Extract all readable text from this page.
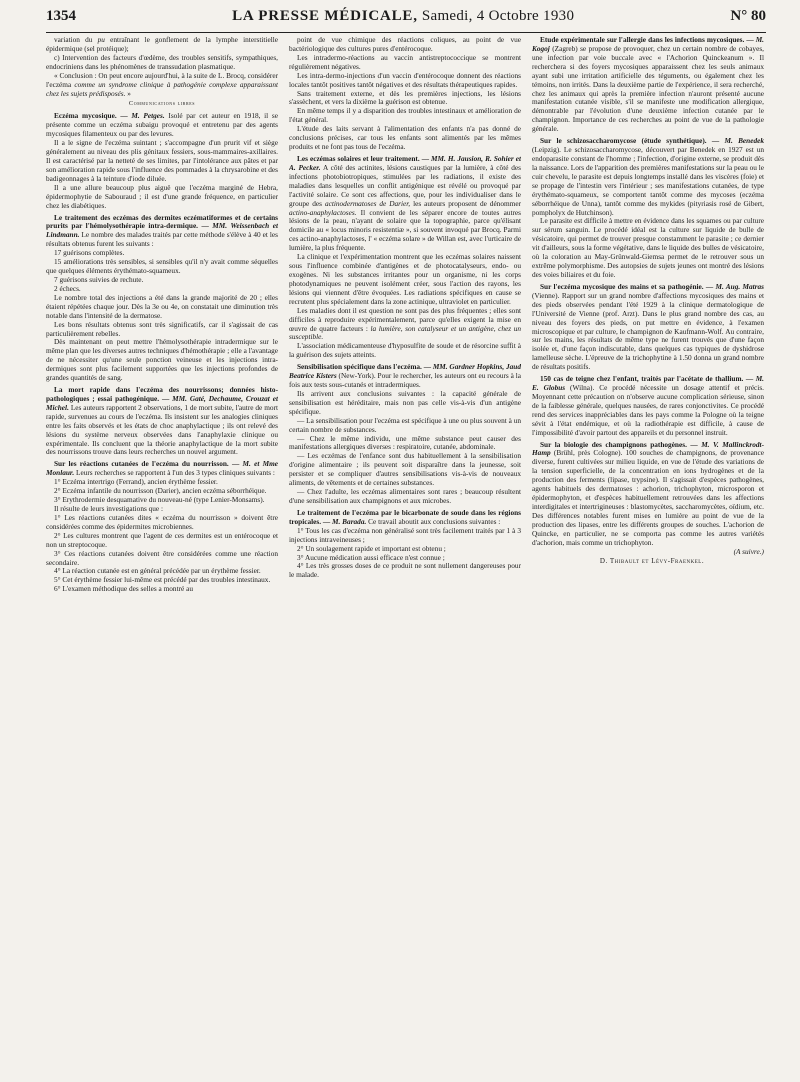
1354	LA PRESSE MÉDICALE, Samedi, 4 Octobre 1930	N° 80

variation du pu entraînant le gonflement de la lymphe interstitielle épidermique (sel protéique);

c) Intervention des facteurs d'œdème, des troubles sensitifs, sympathiques, endocriniens dans les phénomènes de transsudation plasmatique.

« Conclusion : On peut encore aujourd'hui, à la suite de L. Brocq, considérer l'eczéma comme un syndrome clinique à pathogénie complexe apparaissant chez les sujets prédisposés. »

Communications libres

Eczéma mycosique. — M. Petges. Isolé par cet auteur en 1918, il se présente comme un eczéma subaigu provoqué et entretenu par des agents mycosiques filamenteux ou par des levures.

Il a le signe de l'eczéma suintant ; s'accompagne d'un prurit vif et siège généralement au niveau des plis génitaux fessiers, sous-mammaires-axillaires. Il est caractérisé par la netteté de ses limites, par l'intolérance aux pâtes et par son amélioration rapide sous l'influence des pommades à la chrysarobine et des badigeonnages à la teinture d'iode diluée.

Il a une allure beaucoup plus aiguë que l'eczéma marginé de Hebra, épidermophytie de Sabouraud ; il est d'une grande fréquence, en particulier chez les diabétiques.

Le traitement des eczémas des dermites eczématiformes et de certains prurits par l'hémolysothérapie intra-dermique. — MM. Weissenbach et Lindmann. Le nombre des malades traités par cette méthode s'élève à 40 et les résultats obtenus furent les suivants :

17 guérisons complètes.

15 améliorations très sensibles, si sensibles qu'il n'y avait comme séquelles que quelques éléments érythémato-squameux.

7 guérisons suivies de rechute.

2 échecs.

Le nombre total des injections a été dans la grande majorité de 20 ; elles étaient répétées chaque jour. Dès la 3e ou 4e, on constatait une diminution très notable dans l'intensité de la dermatose.

Les bons résultats obtenus sont très significatifs, car il s'agissait de cas particulièrement rebelles.

Dès maintenant on peut mettre l'hémolysothérapie intradermique sur le même plan que les diverses autres techniques d'hémothérapie ; elle a l'avantage de ne nécessiter qu'une seule ponction veineuse et les injections intra-dermiques sont plus facilement supportées que les injections profondes de grandes quantités de sang.

La mort rapide dans l'eczéma des nourrissons; données histo-pathologiques ; essai pathogénique. — MM. Gaté, Dechaume, Crouzat et Michel. Les auteurs rapportent 2 observations, 1 de mort subite, l'autre de mort rapide, survenues au cours de l'eczéma. Ils insistent sur les analogies cliniques entre les faits observés et les états de choc anaphylactique ; ils ont relevé des lésions du système nerveux observées dans l'anaphylaxie clinique ou expérimentale. Ils concluent que la théorie anaphylactique de la mort subite des nourrissons trouve dans leurs recherches un nouvel argument.

Sur les réactions cutanées de l'eczéma du nourrisson. — M. et Mme Monlaur. Leurs recherches se rapportent à l'un des 3 types cliniques suivants :

1° Eczéma intertrigo (Ferrand), ancien érythème fessier.

2° Eczéma infantile du nourrisson (Darier), ancien eczéma séborrhéique.

3° Erythrodermie desquamative du nouveau-né (type Lenier-Monsams).

Il résulte de leurs investigations que :

1° Les réactions cutanées dites « eczéma du nourrisson » doivent être considérées comme des épidermites microbiennes.

2° Les cultures montrent que l'agent de ces dermites est un entérocoque et non un streptocoque.

3° Ces réactions cutanées doivent être considérées comme une réaction secondaire.

4° La réaction cutanée est en général précédée par un érythème fessier.

5° Cet érythème fessier lui-même est précédé par des troubles intestinaux.

6° L'examen méthodique des selles a montré au

point de vue chimique des réactions coliques, au point de vue bactériologique des cultures pures d'entérocoque.

Les intradermo-réactions au vaccin antistreptococcique se montrent régulièrement négatives.

Les intra-dermo-injections d'un vaccin d'entérocoque donnent des réactions locales tantôt positives tantôt négatives et des résultats thérapeutiques rapides.

Sans traitement externe, et dès les premières injections, les lésions s'assèchent, et vers la dixième la guérison est obtenue.

En même temps il y a disparition des troubles intestinaux et amélioration de l'état général.

L'étude des laits servant à l'alimentation des enfants n'a pas donné de conclusions précises, car tous les enfants sont alimentés par les mêmes produits et ne font pas tous de l'eczéma.

Les eczémas solaires et leur traitement. — MM. H. Jausion, R. Sohier et A. Pecker. A côté des actinites, lésions caustiques par la lumière, à côté des infections photobiotropiques, stimulées par les radiations, il existe des maladies dans lesquelles un conflit antigénique est révélé ou provoqué par l'activité solaire. Ce sont ces affections, que, pour les individualiser dans le groupe des actinodermatoses de Darier, les auteurs proposent de dénommer actino-anaphylactoses. Il convient de les séparer encore de toutes autres lésions de la peau, n'ayant de solaire que la topographie, parce qu'élisant domicile au « locus minoris resistentiæ », si souvent invoqué par Brocq. Parmi ces actino-anaphylactoses, l' « eczéma solare » de Willan est, avec l'urticaire de lumière, la plus fréquente.

La clinique et l'expérimentation montrent que les eczémas solaires naissent sous l'influence combinée d'antigènes et de photocatalyseurs, endo- ou exogènes. Ni les substances irritantes pour un organisme, ni les corps photodynamiques ne peuvent isolément créer, sous l'action des rayons, les lésions qui viennent d'être évoquées. Les radiations spécifiques en cause se recrutent plus spécialement dans la zone actinique, ultraviolet en particulier.

Les maladies dont il est question ne sont pas des plus fréquentes ; elles sont difficiles à reproduire expérimentalement, parce qu'elles exigent la mise en œuvre de quatre facteurs : la lumière, son catalyseur et un antigène, chez un susceptible.

L'association médicamenteuse d'hyposulfite de soude et de résorcine suffit à la guérison des sujets atteints.

Sensibilisation spécifique dans l'eczéma. — MM. Gardner Hopkins, Jaud Beatrice Kisters (New-York). Pour le rechercher, les auteurs ont eu recours à la fois aux tests sous-cutanés et intradermiques.

Ils arrivent aux conclusions suivantes : la capacité générale de sensibilisation est héréditaire, mais non pas celle vis-à-vis d'un antigène spécifique.

— La sensibilisation pour l'eczéma est spécifique à une ou plus souvent à un certain nombre de substances.

— Chez le même individu, une même substance peut causer des manifestations allergiques diverses : respiratoire, cutanée, abdominale.

— Les eczémas de l'enfance sont dus habituellement à la sensibilisation d'origine alimentaire ; ils peuvent soit disparaître dans la jeunesse, soit persister et se compliquer d'autres sensibilisations vis-à-vis de nouveaux aliments, de vêtements et de certaines substances.

— Chez l'adulte, les eczémas alimentaires sont rares ; beaucoup résultent d'une sensibilisation aux champignons et aux microbes.

Le traitement de l'eczéma par le bicarbonate de soude dans les régions tropicales. — M. Barada. Ce travail aboutit aux conclusions suivantes :

1° Tous les cas d'eczéma non généralisé sont très facilement traités par 1 à 3 injections intraveineuses ;

2° Un soulagement rapide et important est obtenu ;

3° Aucune médication aussi efficace n'est connue ;

4° Les très grosses doses de ce produit ne sont nullement dangereuses pour le malade.

Etude expérimentale sur l'allergie dans les infections mycosiques. — M. Kogoj (Zagreb) se propose de provoquer, chez un certain nombre de cobayes, une infection par voie buccale avec « l'Achorion Quinckeanum ». Il recherchera si des foyers mycosiques apparaissent chez les seuls animaux ayant subi une irritation artificielle des téguments, ou également chez les témoins, non irrités. Dans la deuxième partie de l'expérience, il sera recherché, chez les animaux qui après la première infection n'auront présenté aucune manifestation cutanée visible, s'il se manifeste une modification allergique, démontrable par l'évolution d'une deuxième infection cutanée par le champignon. Importance de ces recherches au point de vue de la pathologie générale.

Sur le schizosaccharomycose (étude synthétique). — M. Benedek (Leipzig). Le schizosaccharomycose, découvert par Benedek en 1927 est un endoparasite constant de l'homme ; l'infection, d'origine externe, se produit dès la naissance. Lors de l'apparition des premières manifestations sur la peau ou le cuir chevelu, le parasite est depuis longtemps installé dans les viscères (foie) et se propage de l'intestin vers l'intérieur ; ses manifestations cutanées, de type érythémato-squameux, se comportent tantôt comme des mycoses (eczéma séborrhéique de Unna), tantôt comme des mykides (pityriasis rosé de Gibert, pompholyx de Hutchinson).

Le parasite est difficile à mettre en évidence dans les squames ou par culture sur sérum sanguin. Le procédé idéal est la culture sur liquide de bulle de vésicatoire, qui permet de trouver presque constamment le parasite ; ce dernier vit d'ailleurs, sous la forme végétative, dans le liquide des bulles de vésicatoire, où la coloration au May-Grünwald-Giemsa permet de le retrouver sous un extrême polymorphisme. Des autopsies de sujets jeunes ont montré des lésions des voies biliaires et du foie.

Sur l'eczéma mycosique des mains et sa pathogénie. — M. Aug. Matras (Vienne). Rapport sur un grand nombre d'affections mycosiques des mains et des pieds observées pendant l'été 1929 à la clinique dermatologique de l'Université de Vienne (prof. Arzt). Dans le plus grand nombre des cas, au niveau des foyers des pieds, on put mettre en évidence, à l'examen microscopique et par culture, le champignon de Kaufmann-Wolf. Au contraire, sur les mains, les résultats de même type ne furent trouvés que d'une façon isolée et, d'une façon indiscutable, dans quelques cas typiques de dyshidrose lamelleuse sèche. L'épreuve de la trichophytine à 1.50 donna un grand nombre de résultats positifs.

150 cas de teigne chez l'enfant, traités par l'acétate de thallium. — M. E. Globus (Wilna). Ce procédé nécessite un dosage attentif et précis. Moyennant cette précaution on n'observe aucune complication sérieuse, sinon de la faiblesse générale, quelques nausées, de rares conjonctivites. Ce procédé rend des services inappréciables dans les pays comme la Pologne où la teigne sévit à l'état endémique, et où la radiothérapie est difficile, à cause de l'impossibilité d'avoir partout des appareils et du personnel instruit.

Sur la biologie des champignons pathogènes. — M. V. Mallinckrodt-Hamp (Brühl, près Cologne). 100 souches de champignons, de provenance diverse, furent cultivées sur milieu liquide, en vue de l'étude des variations de la tension superficielle, de la concentration en ions hydrogènes et de la production des ferments (lipase, trypsine). Il s'agissait d'espèces pathogènes, agents habituels des dermatoses : achorion, trichophyton, microsporon et épidermophyton, et d'espèces habituellement retrouvées dans les affections interdigitales et intertrigineuses : blastomycètes, saccharomycètes, oïdium, etc. Des différences notables furent mises en lumière au point de vue de la production des lipases, entre les différents groupes de souches. L'achorion de Quincke, en particulier, ne se comporta pas comme les autres variétés d'achorion, mais comme un trichophyton.

(A suivre.)

D. Thibault et Lévy-Fraenkel.
